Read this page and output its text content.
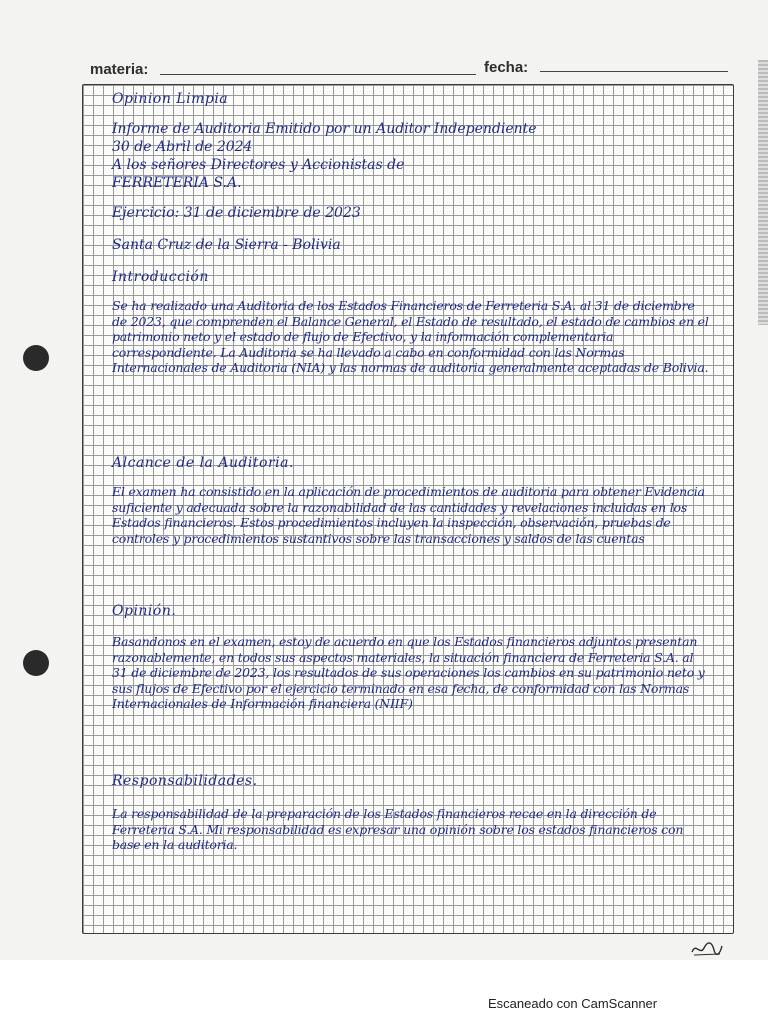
materia:	fecha:
Opinion Limpia
Informe de Auditoria Emitido por un Auditor Independiente
30 de Abril de 2024
A los señores Directores y Accionistas de
FERRETERIA S.A.
Ejercicio: 31 de diciembre de 2023
Santa Cruz de la Sierra - Bolivia
Introducción

Se ha realizado una Auditoria de los Estados Financieros de Ferreteria S.A. al 31 de diciembre de 2023, que comprenden el Balance General, el Estado de resultado, el estado de cambios en el patrimonio neto y el estado de flujo de Efectivo, y la información complementaria correspondiente. La Auditoria se ha llevado a cabo en conformidad con las Normas Internacionales de Auditoria (NIA) y las normas de auditoria generalmente aceptadas de Bolivia.

Alcance de la Auditoria.

El examen ha consistido en la aplicación de procedimientos de auditoria para obtener Evidencia suficiente y adecuada sobre la razonabilidad de las cantidades y revelaciones incluidas en los Estados financieros. Estos procedimientos incluyen la inspección, observación, pruebas de controles y procedimientos sustantivos sobre las transacciones y saldos de las cuentas

Opinión.

Basandonos en el examen, estoy de acuerdo en que los Estados financieros adjuntos presentan razonablemente, en todos sus aspectos materiales, la situación financiera de Ferreteria S.A. al 31 de diciembre de 2023, los resultados de sus operaciones los cambios en su patrimonio neto y sus flujos de Efectivo por el ejercicio terminado en esa fecha, de conformidad con las Normas Internacionales de Información financiera (NIIF)

Responsabilidades.

La responsabilidad de la preparación de los Estados financieros recae en la dirección de Ferreteria S.A. Mi responsabilidad es expresar una opinión sobre los estados financieros con base en la auditoria.

Escaneado con CamScanner
